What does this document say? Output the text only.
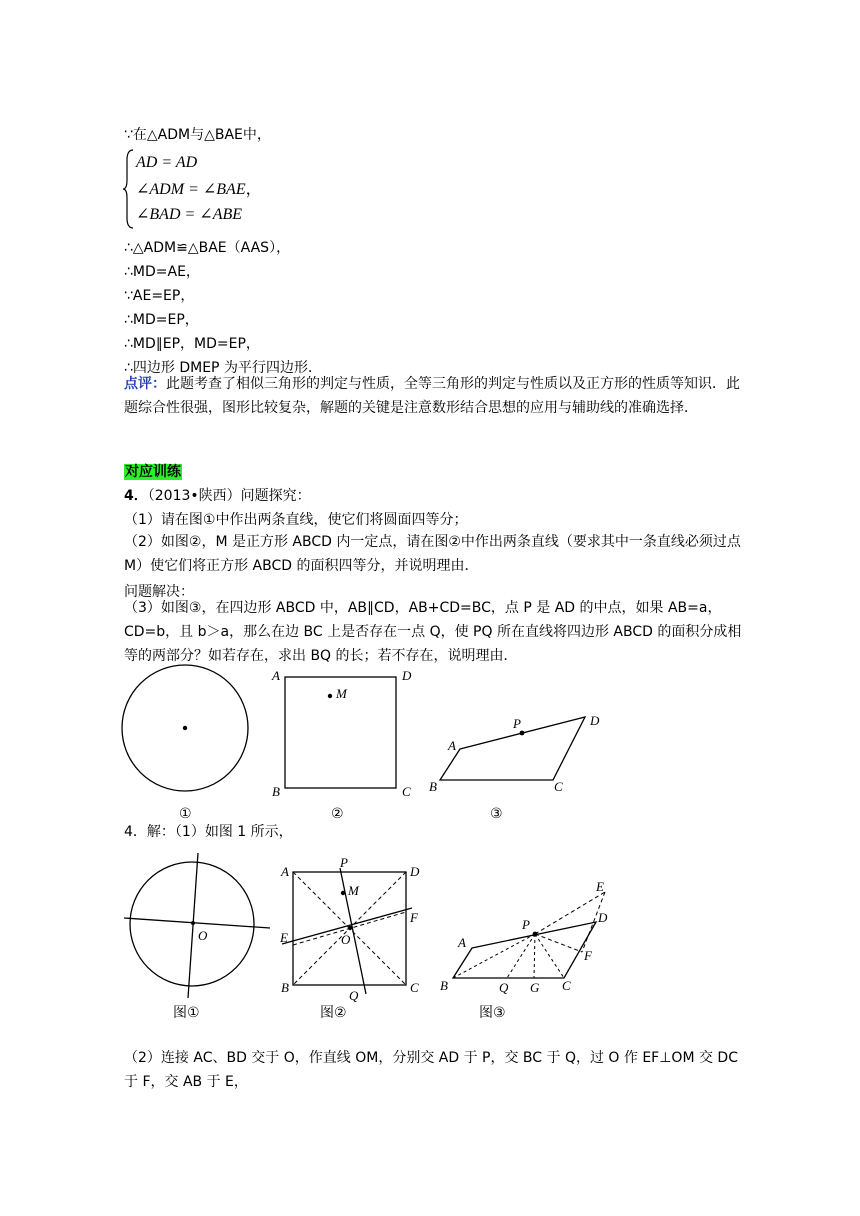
∵在△ADM与△BAE中，
AD = AD
∠ADM = ∠BAE，
∠BAD = ∠ABE
∴△ADM≌△BAE（AAS），
∴MD=AE，
∵AE=EP，
∴MD=EP，
∴MD∥EP，MD=EP，
∴四边形 DMEP 为平行四边形．
点评：此题考查了相似三角形的判定与性质，全等三角形的判定与性质以及正方形的性质等知识．此题综合性很强，图形比较复杂，解题的关键是注意数形结合思想的应用与辅助线的准确选择．
对应训练
4．（2013•陕西）问题探究：
（1）请在图①中作出两条直线，使它们将圆面四等分；
（2）如图②，M 是正方形 ABCD 内一定点，请在图②中作出两条直线（要求其中一条直线必须过点 M）使它们将正方形 ABCD 的面积四等分，并说明理由．
问题解决：
（3）如图③，在四边形 ABCD 中，AB∥CD，AB+CD=BC，点 P 是 AD 的中点，如果 AB=a，CD=b，且 b＞a，那么在边 BC 上是否存在一点 Q，使 PQ 所在直线将四边形 ABCD 的面积分成相等的两部分？如若存在，求出 BQ 的长；若不存在，说明理由．
①
A	D
B	C
M
②
A
D
B	C
P
③
4．解：（1）如图 1 所示，
O
图①
A	D
B	C
P
M
O
E
F
Q
图②
A
D
B	C
P
Q G
E
F
图③
（2）连接 AC、BD 交于 O，作直线 OM，分别交 AD 于 P，交 BC 于 Q，过 O 作 EF⊥OM 交 DC 于 F，交 AB 于 E，
